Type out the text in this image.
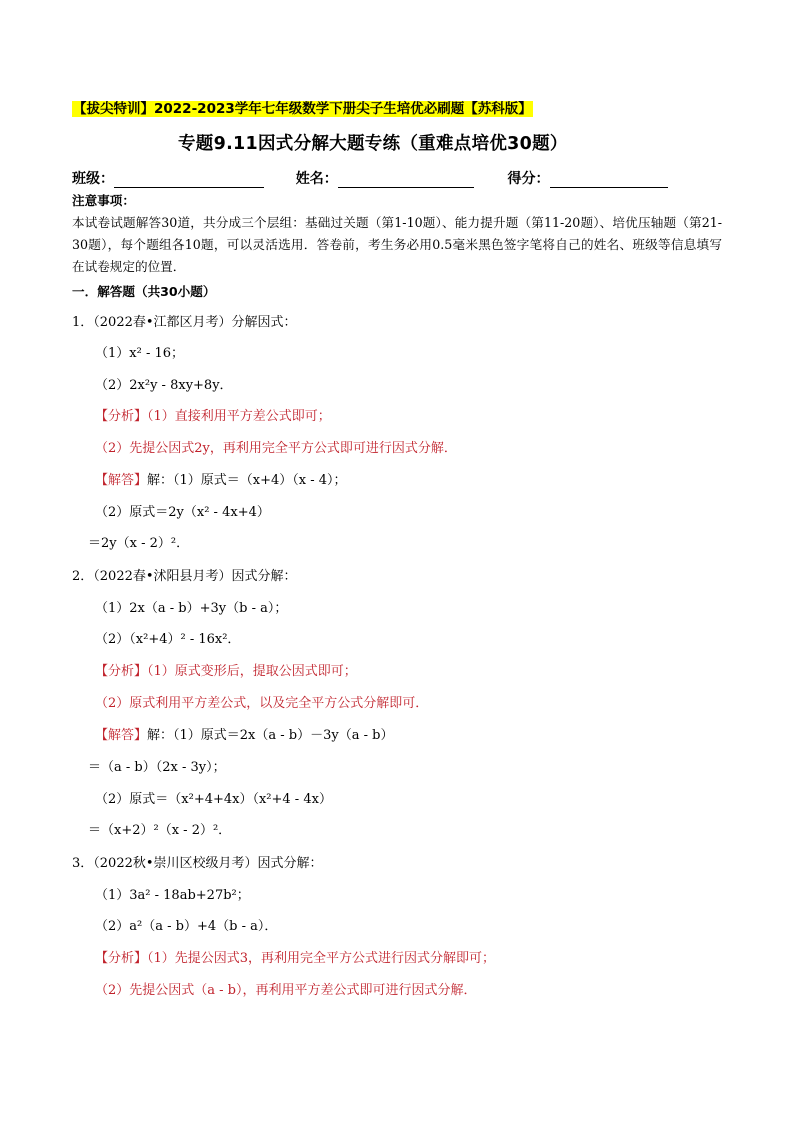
【拔尖特训】2022-2023学年七年级数学下册尖子生培优必刷题【苏科版】
专题9.11因式分解大题专练（重难点培优30题）
班级：	姓名：	得分：
注意事项：
本试卷试题解答30道，共分成三个层组：基础过关题（第1-10题）、能力提升题（第11-20题）、培优压轴题（第21-30题），每个题组各10题，可以灵活选用．答卷前，考生务必用0.5毫米黑色签字笔将自己的姓名、班级等信息填写在试卷规定的位置．
一．解答题（共30小题）
1．（2022春•江都区月考）分解因式：
（1）x² - 16；
（2）2x²y - 8xy+8y．
【分析】（1）直接利用平方差公式即可；
（2）先提公因式2y，再利用完全平方公式即可进行因式分解．
【解答】解：（1）原式＝（x+4）（x - 4）；
（2）原式＝2y（x² - 4x+4）
＝2y（x - 2）²．
2．（2022春•沭阳县月考）因式分解：
（1）2x（a - b）+3y（b - a）；
（2）（x²+4）² - 16x²．
【分析】（1）原式变形后，提取公因式即可；
（2）原式利用平方差公式，以及完全平方公式分解即可．
【解答】解：（1）原式＝2x（a - b）－3y（a - b）
＝（a - b）（2x - 3y）；
（2）原式＝（x²+4+4x）（x²+4 - 4x）
＝（x+2）²（x - 2）²．
3．（2022秋•崇川区校级月考）因式分解：
（1）3a² - 18ab+27b²；
（2）a²（a - b）+4（b - a）．
【分析】（1）先提公因式3，再利用完全平方公式进行因式分解即可；
（2）先提公因式（a - b），再利用平方差公式即可进行因式分解．
